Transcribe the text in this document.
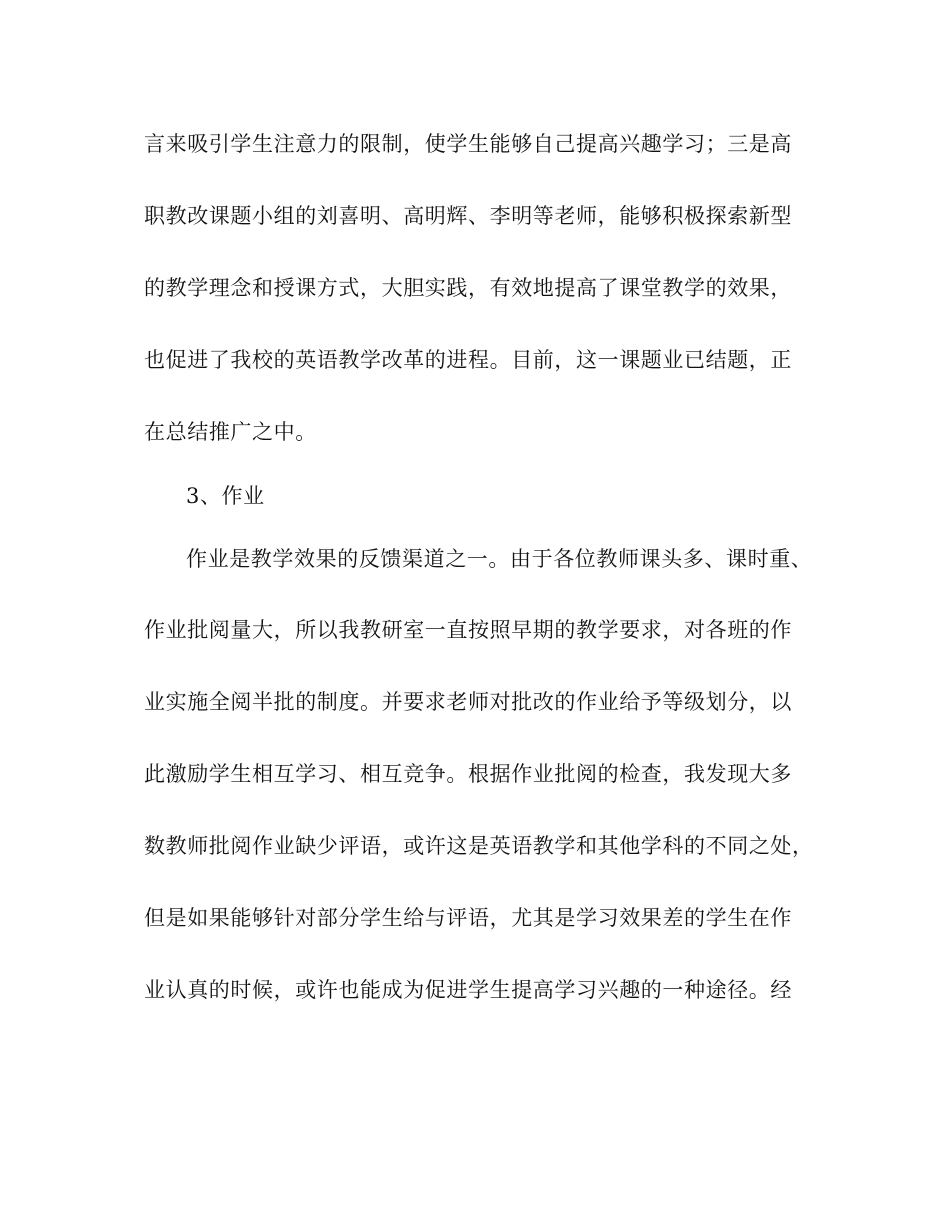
言来吸引学生注意力的限制，使学生能够自己提高兴趣学习；三是高

职教改课题小组的刘喜明、高明辉、李明等老师，能够积极探索新型

的教学理念和授课方式，大胆实践，有效地提高了课堂教学的效果，

也促进了我校的英语教学改革的进程。目前，这一课题业已结题，正

在总结推广之中。

3、作业

作业是教学效果的反馈渠道之一。由于各位教师课头多、课时重、

作业批阅量大，所以我教研室一直按照早期的教学要求，对各班的作

业实施全阅半批的制度。并要求老师对批改的作业给予等级划分，以

此激励学生相互学习、相互竞争。根据作业批阅的检查，我发现大多

数教师批阅作业缺少评语，或许这是英语教学和其他学科的不同之处，

但是如果能够针对部分学生给与评语，尤其是学习效果差的学生在作

业认真的时候，或许也能成为促进学生提高学习兴趣的一种途径。经
